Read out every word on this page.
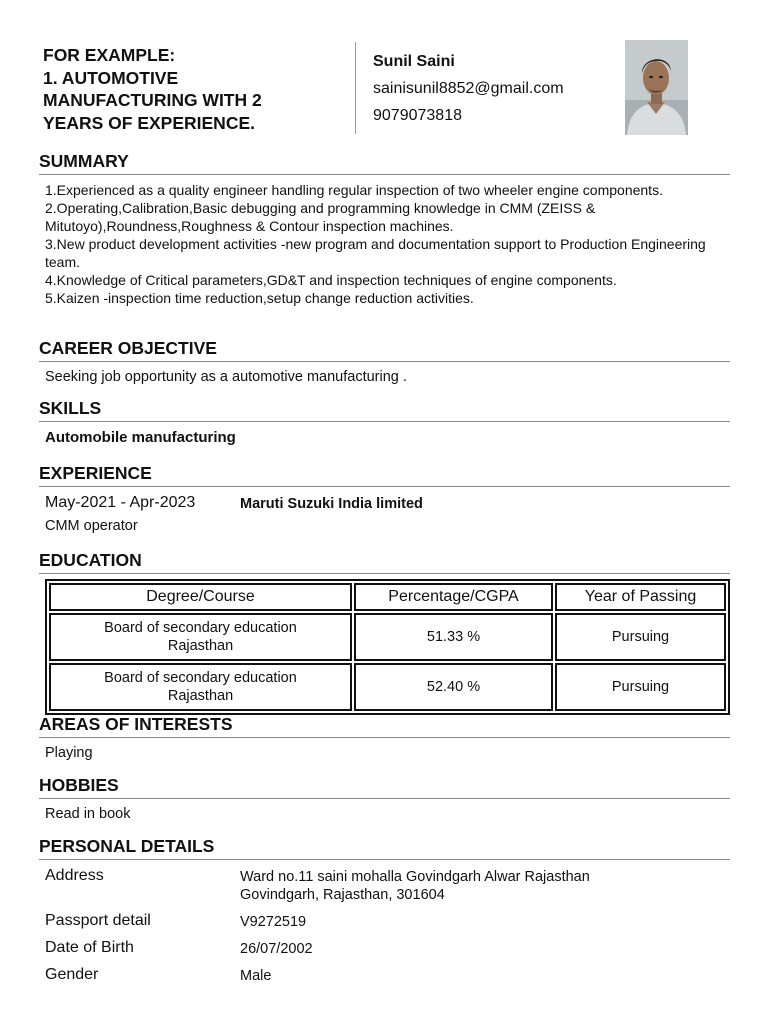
FOR EXAMPLE:
1. AUTOMOTIVE
MANUFACTURING WITH 2
YEARS OF EXPERIENCE.
Sunil Saini
sainisunil8852@gmail.com
9079073818
SUMMARY
1.Experienced as a quality engineer handling regular inspection of two wheeler engine components.
2.Operating,Calibration,Basic debugging and programming knowledge in CMM (ZEISS & Mitutoyo),Roundness,Roughness & Contour inspection machines.
3.New product development activities -new program and documentation support to Production Engineering team.
4.Knowledge of Critical parameters,GD&T and inspection techniques of engine components.
5.Kaizen -inspection time reduction,setup change reduction activities.
CAREER OBJECTIVE
Seeking job opportunity as a automotive manufacturing .
SKILLS
Automobile manufacturing
EXPERIENCE
May-2021 - Apr-2023	Maruti Suzuki India limited
CMM operator
EDUCATION
Degree/Course	Percentage/CGPA	Year of Passing

Board of secondary education
Rajasthan	51.33 %	Pursuing

Board of secondary education
Rajasthan	52.40 %	Pursuing
AREAS OF INTERESTS
Playing
HOBBIES
Read in book
PERSONAL DETAILS
Address	Ward no.11 saini mohalla Govindgarh Alwar Rajasthan
Govindgarh, Rajasthan, 301604
Passport detail	V9272519
Date of Birth	26/07/2002
Gender	Male
